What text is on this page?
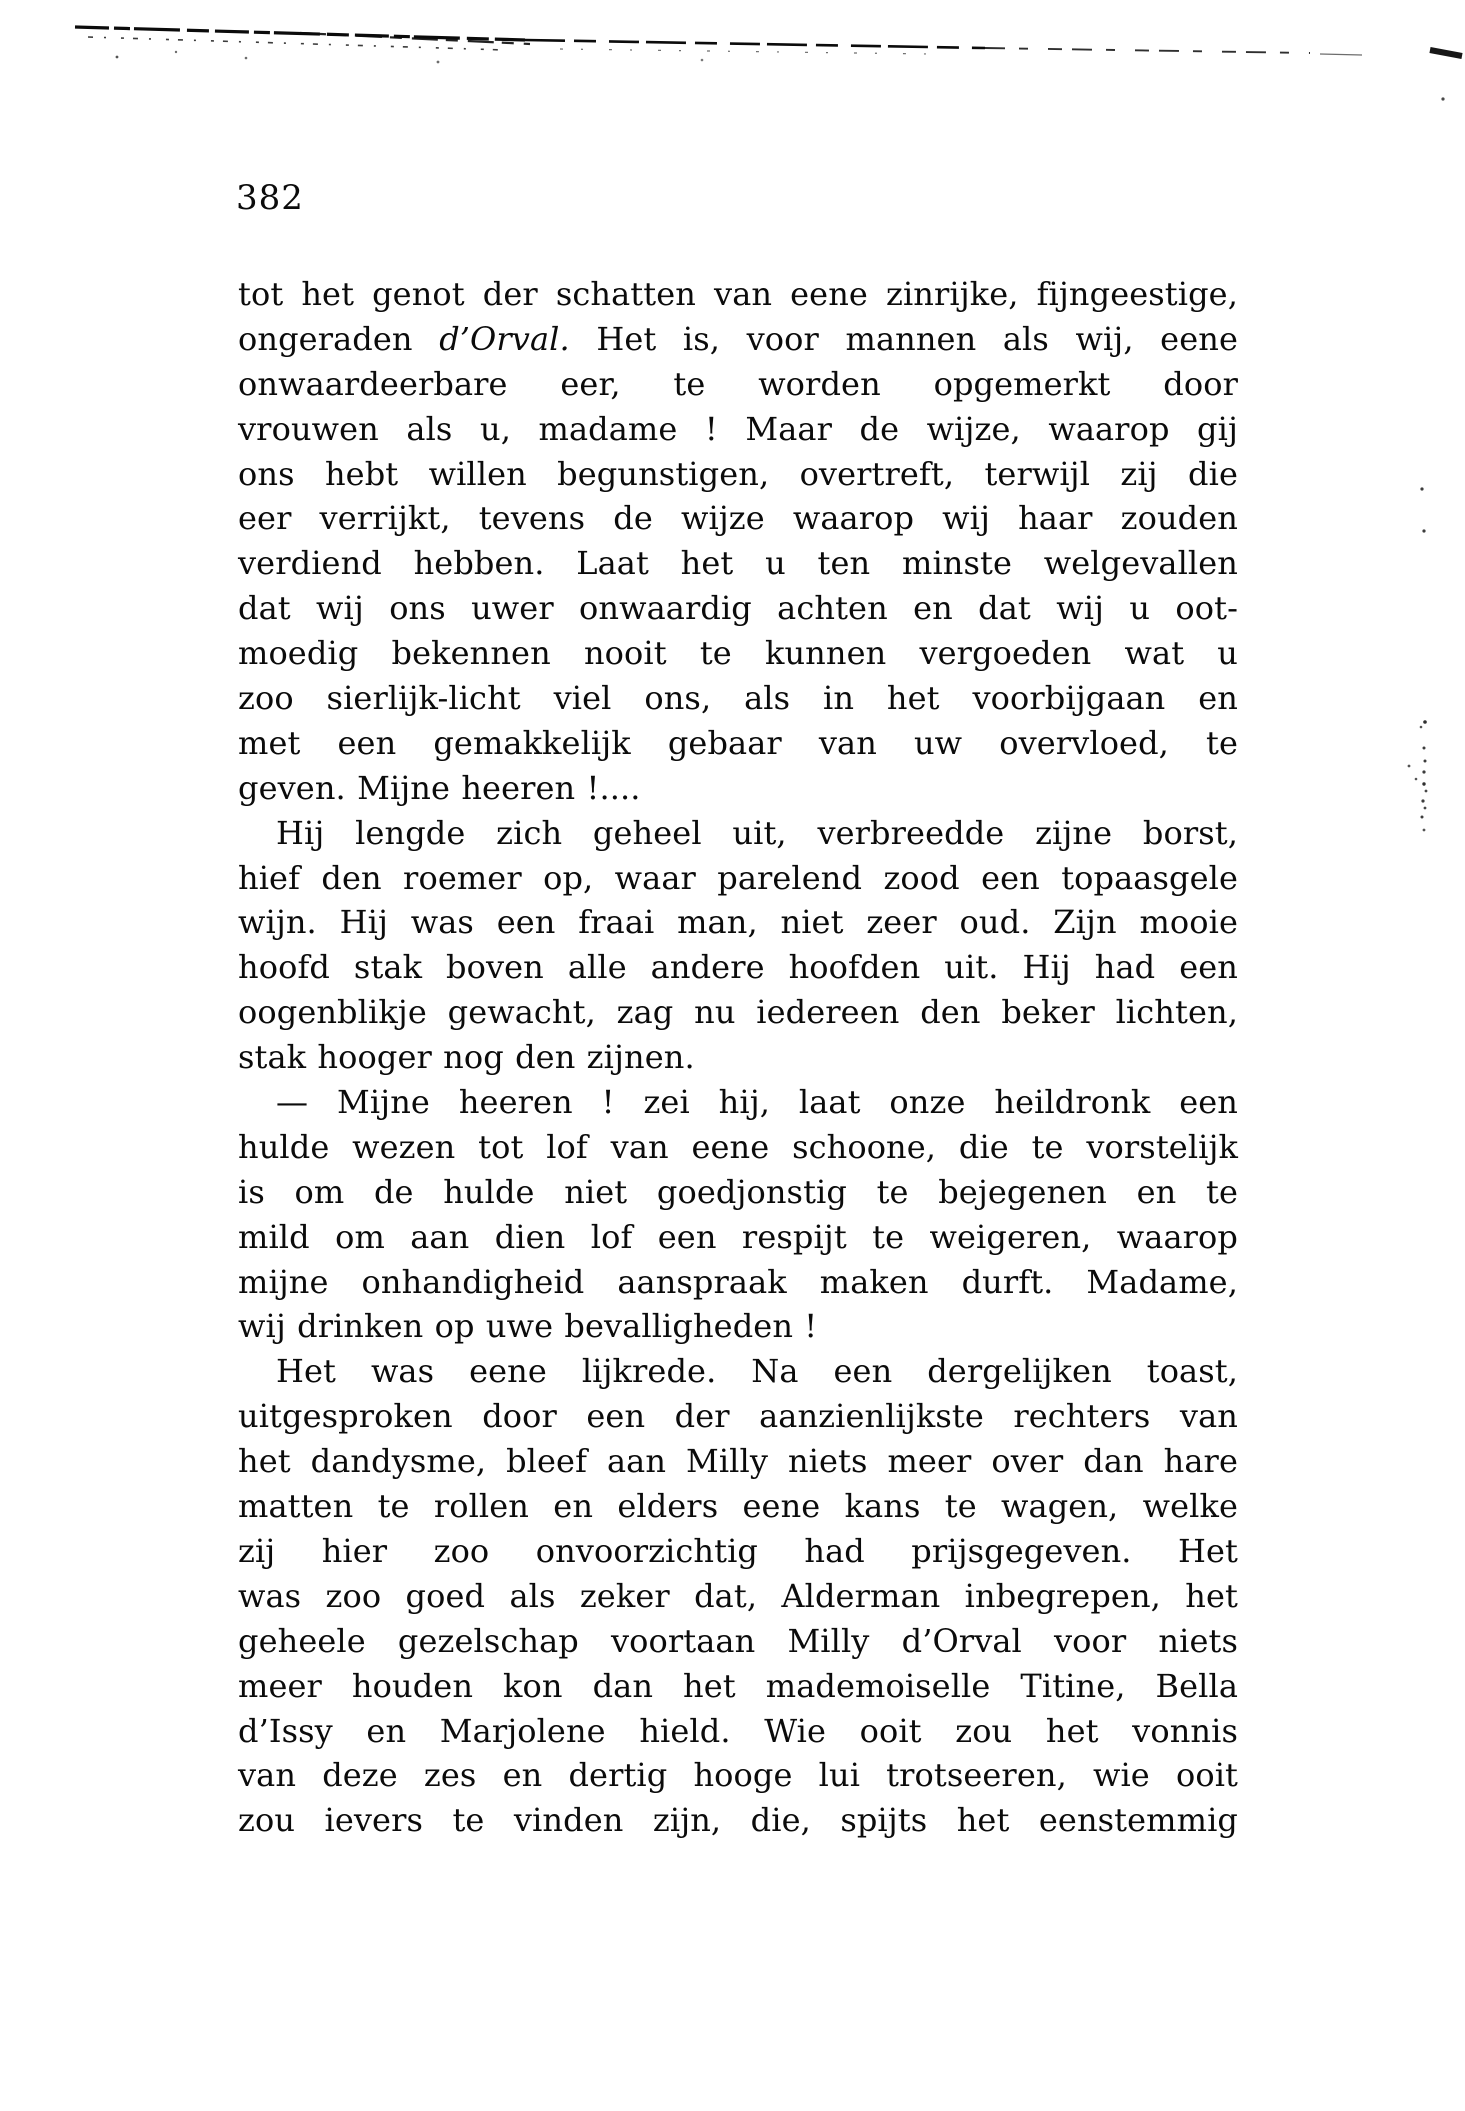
382
tot het genot der schatten van eene zinrijke, fijngeestige,
ongeraden d’Orval. Het is, voor mannen als wij, eene
onwaardeerbare eer, te worden opgemerkt door
vrouwen als u, madame ! Maar de wijze, waarop gij
ons hebt willen begunstigen, overtreft, terwijl zij die
eer verrijkt, tevens de wijze waarop wij haar zouden
verdiend hebben. Laat het u ten minste welgevallen
dat wij ons uwer onwaardig achten en dat wij u oot-
moedig bekennen nooit te kunnen vergoeden wat u
zoo sierlijk-licht viel ons, als in het voorbijgaan en
met een gemakkelijk gebaar van uw overvloed, te
geven. Mijne heeren !....
Hij lengde zich geheel uit, verbreedde zijne borst,
hief den roemer op, waar parelend zood een topaasgele
wijn. Hij was een fraai man, niet zeer oud. Zijn mooie
hoofd stak boven alle andere hoofden uit. Hij had een
oogenblikje gewacht, zag nu iedereen den beker lichten,
stak hooger nog den zijnen.
— Mijne heeren ! zei hij, laat onze heildronk een
hulde wezen tot lof van eene schoone, die te vorstelijk
is om de hulde niet goedjonstig te bejegenen en te
mild om aan dien lof een respijt te weigeren, waarop
mijne onhandigheid aanspraak maken durft. Madame,
wij drinken op uwe bevalligheden !
Het was eene lijkrede. Na een dergelijken toast,
uitgesproken door een der aanzienlijkste rechters van
het dandysme, bleef aan Milly niets meer over dan hare
matten te rollen en elders eene kans te wagen, welke
zij hier zoo onvoorzichtig had prijsgegeven. Het
was zoo goed als zeker dat, Alderman inbegrepen, het
geheele gezelschap voortaan Milly d’Orval voor niets
meer houden kon dan het mademoiselle Titine, Bella
d’Issy en Marjolene hield. Wie ooit zou het vonnis
van deze zes en dertig hooge lui trotseeren, wie ooit
zou ievers te vinden zijn, die, spijts het eenstemmig
